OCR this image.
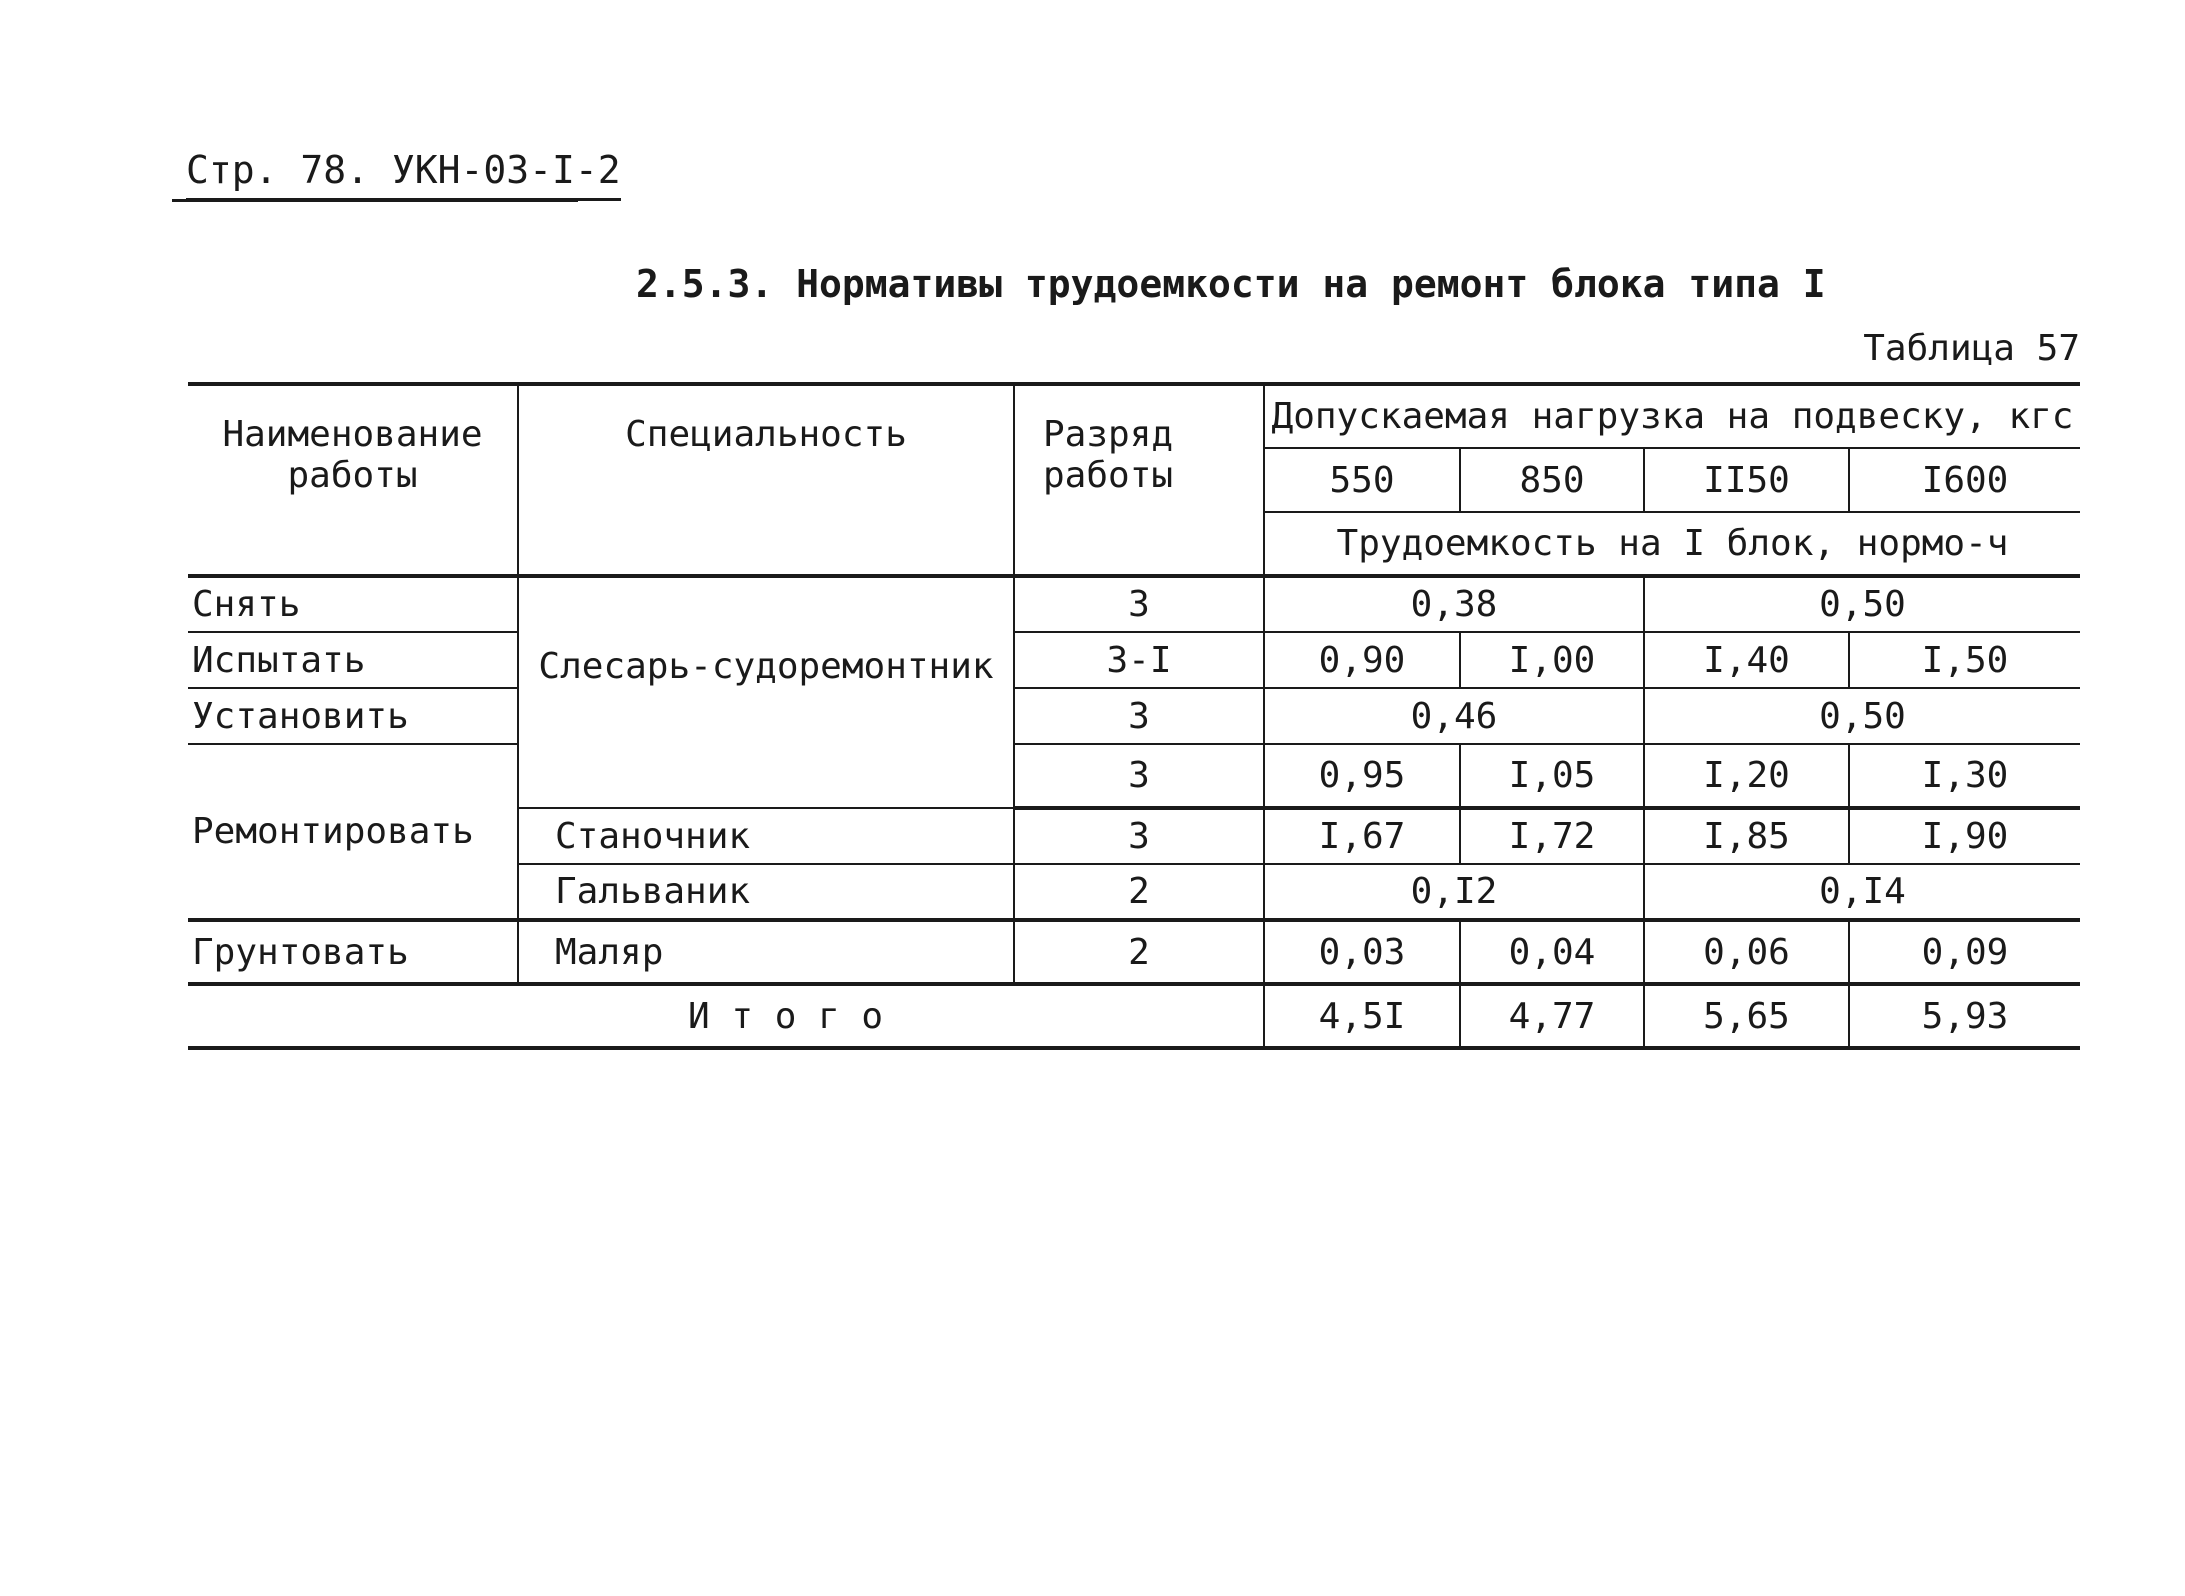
Стр. 78. УКН-03-I-2
2.5.3. Нормативы трудоемкости на ремонт блока типа I
Таблица 57
Наименование работы	Специальность	Разряд работы	Допускаемая нагрузка на подвеску, кгс			
			550	850	II50	I600
			Трудоемкость на I блок, нормо-ч			
Снять	Слесарь-судоремонтник	3	0,38		0,50	
Испытать		3-I	0,90	I,00	I,40	I,50
Установить		3	0,46		0,50	
Ремонтировать		3	0,95	I,05	I,20	I,30
	Станочник	3	I,67	I,72	I,85	I,90
	Гальваник	2	0,I2		0,I4	
Грунтовать	Маляр	2	0,03	0,04	0,06	0,09
И т о г о			4,5I	4,77	5,65	5,93
